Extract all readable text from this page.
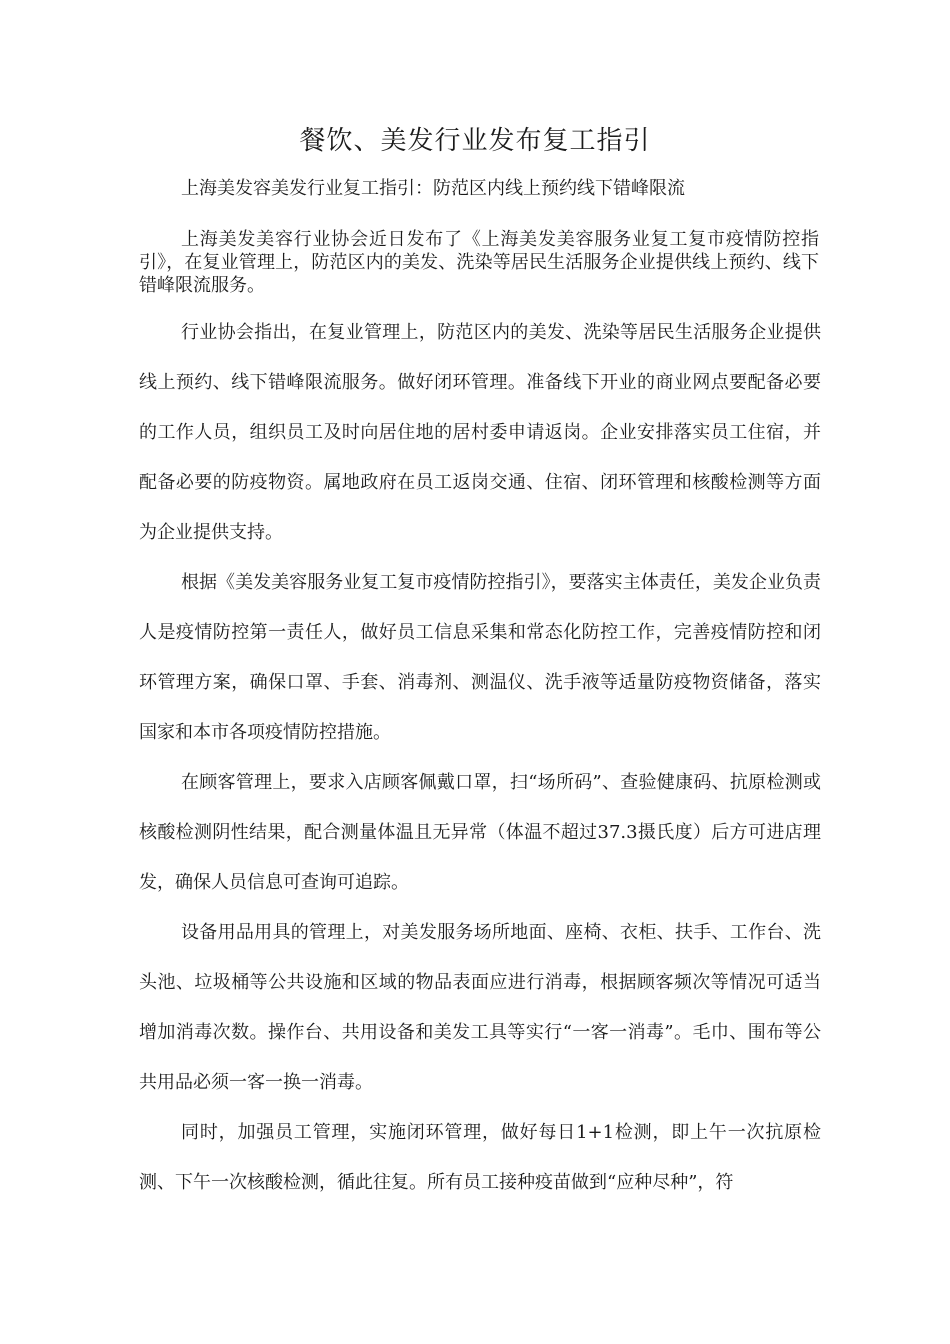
餐饮、美发行业发布复工指引
上海美发容美发行业复工指引：防范区内线上预约线下错峰限流

上海美发美容行业协会近日发布了《上海美发美容服务业复工复市疫情防控指引》，在复业管理上，防范区内的美发、洗染等居民生活服务企业提供线上预约、线下错峰限流服务。

行业协会指出，在复业管理上，防范区内的美发、洗染等居民生活服务企业提供线上预约、线下错峰限流服务。做好闭环管理。准备线下开业的商业网点要配备必要的工作人员，组织员工及时向居住地的居村委申请返岗。企业安排落实员工住宿，并配备必要的防疫物资。属地政府在员工返岗交通、住宿、闭环管理和核酸检测等方面为企业提供支持。

根据《美发美容服务业复工复市疫情防控指引》，要落实主体责任，美发企业负责人是疫情防控第一责任人，做好员工信息采集和常态化防控工作，完善疫情防控和闭环管理方案，确保口罩、手套、消毒剂、测温仪、洗手液等适量防疫物资储备，落实国家和本市各项疫情防控措施。

在顾客管理上，要求入店顾客佩戴口罩，扫“场所码”、查验健康码、抗原检测或核酸检测阴性结果，配合测量体温且无异常（体温不超过37.3摄氏度）后方可进店理发，确保人员信息可查询可追踪。

设备用品用具的管理上，对美发服务场所地面、座椅、衣柜、扶手、工作台、洗头池、垃圾桶等公共设施和区域的物品表面应进行消毒，根据顾客频次等情况可适当增加消毒次数。操作台、共用设备和美发工具等实行“一客一消毒”。毛巾、围布等公共用品必须一客一换一消毒。

同时，加强员工管理，实施闭环管理，做好每日1+1检测，即上午一次抗原检测、下午一次核酸检测，循此往复。所有员工接种疫苗做到“应种尽种”，符
